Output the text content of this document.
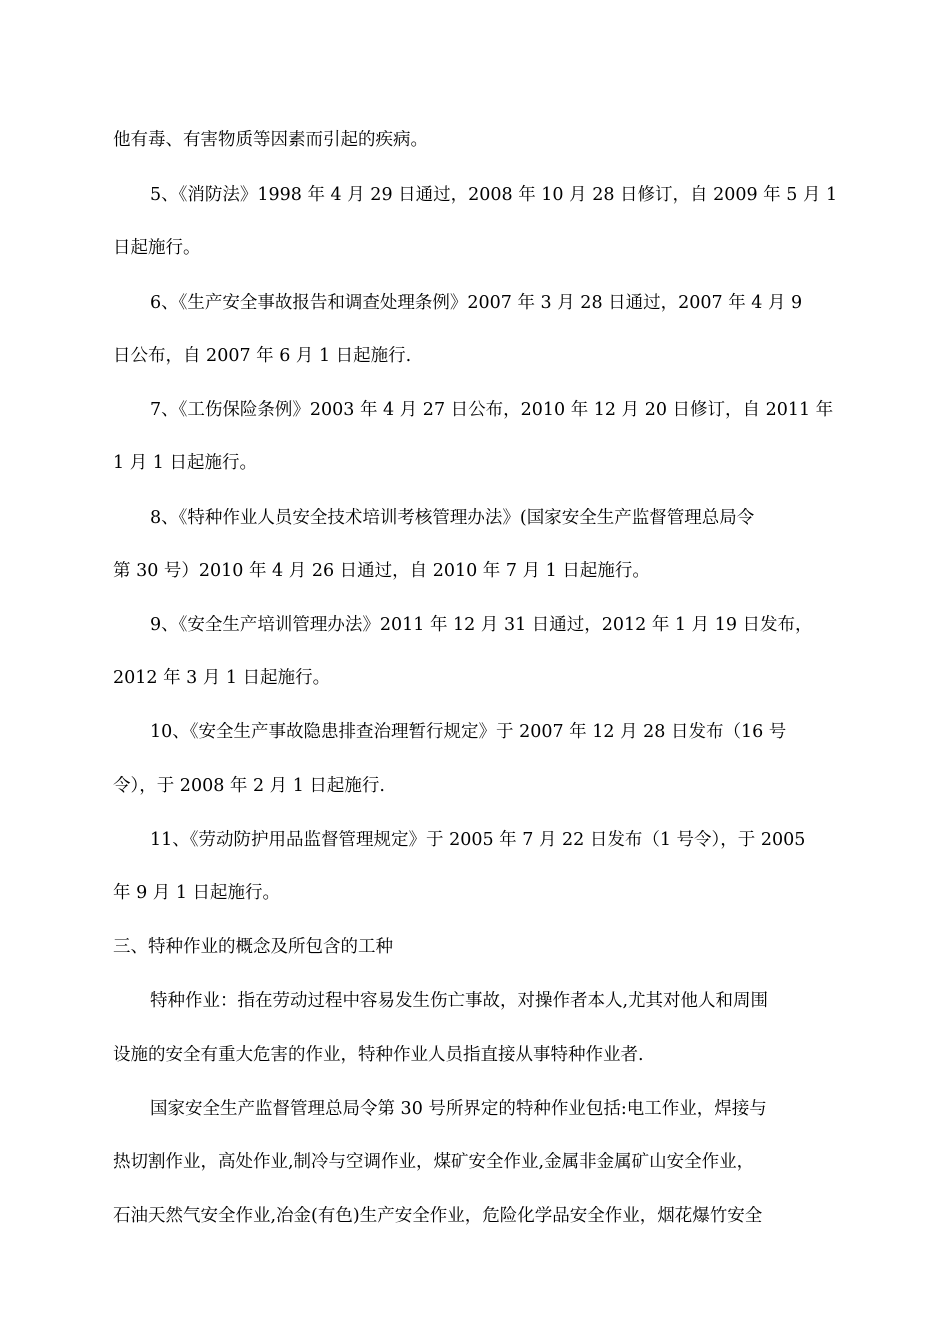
他有毒、有害物质等因素而引起的疾病。
5、《消防法》1998 年 4 月 29 日通过，2008 年 10 月 28 日修订，自 2009 年 5 月 1
日起施行。
6、《生产安全事故报告和调查处理条例》2007 年 3 月 28 日通过，2007 年 4 月 9
日公布，自 2007 年 6 月 1 日起施行.
7、《工伤保险条例》2003 年 4 月 27 日公布，2010 年 12 月 20 日修订，自 2011 年
1 月 1 日起施行。
8、《特种作业人员安全技术培训考核管理办法》(国家安全生产监督管理总局令
第 30 号）2010 年 4 月 26 日通过，自 2010 年 7 月 1 日起施行。
9、《安全生产培训管理办法》2011 年 12 月 31 日通过，2012 年 1 月 19 日发布，
2012 年 3 月 1 日起施行。
10、《安全生产事故隐患排查治理暂行规定》于 2007 年 12 月 28 日发布（16 号
令），于 2008 年 2 月 1 日起施行.
11、《劳动防护用品监督管理规定》于 2005 年 7 月 22 日发布（1 号令），于 2005
年 9 月 1 日起施行。
三、特种作业的概念及所包含的工种
特种作业：指在劳动过程中容易发生伤亡事故，对操作者本人,尤其对他人和周围
设施的安全有重大危害的作业，特种作业人员指直接从事特种作业者.
国家安全生产监督管理总局令第 30 号所界定的特种作业包括:电工作业，焊接与
热切割作业，高处作业,制冷与空调作业，煤矿安全作业,金属非金属矿山安全作业，
石油天然气安全作业,冶金(有色)生产安全作业，危险化学品安全作业，烟花爆竹安全
